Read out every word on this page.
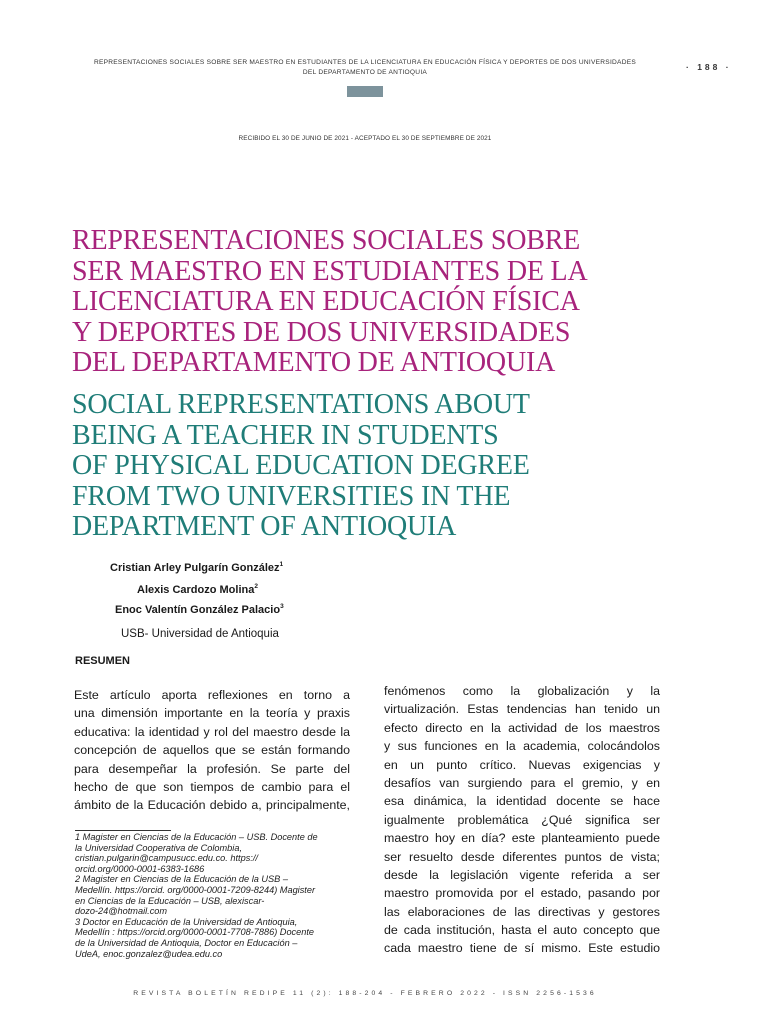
REPRESENTACIONES SOCIALES SOBRE SER MAESTRO EN ESTUDIANTES DE LA LICENCIATURA EN EDUCACIÓN FÍSICA Y DEPORTES DE DOS UNIVERSIDADES
DEL DEPARTAMENTO DE ANTIOQUIA
· 188 ·
RECIBIDO EL 30 DE JUNIO DE 2021 - ACEPTADO EL 30 DE SEPTIEMBRE DE 2021
REPRESENTACIONES SOCIALES SOBRE
SER MAESTRO EN ESTUDIANTES DE LA
LICENCIATURA EN EDUCACIÓN FÍSICA
Y DEPORTES DE DOS UNIVERSIDADES
DEL DEPARTAMENTO DE ANTIOQUIA
SOCIAL REPRESENTATIONS ABOUT
BEING A TEACHER IN STUDENTS
OF PHYSICAL EDUCATION DEGREE
FROM TWO UNIVERSITIES IN THE
DEPARTMENT OF ANTIOQUIA
Cristian Arley Pulgarín González$^1$
Alexis Cardozo Molina$^2$
Enoc Valentín González Palacio$^3$
USB- Universidad de Antioquia
RESUMEN
Este artículo aporta reflexiones en torno a
una dimensión importante en la teoría y praxis
educativa: la identidad y rol del maestro desde la
concepción de aquellos que se están formando
para desempeñar la profesión. Se parte del
hecho de que son tiempos de cambio para el
ámbito de la Educación debido a, principalmente,
fenómenos como la globalización y la
virtualización. Estas tendencias han tenido un
efecto directo en la actividad de los maestros
y sus funciones en la academia, colocándolos
en un punto crítico. Nuevas exigencias y
desafíos van surgiendo para el gremio, y en
esa dinámica, la identidad docente se hace
igualmente problemática ¿Qué significa ser
maestro hoy en día? este planteamiento puede
ser resuelto desde diferentes puntos de vista;
desde la legislación vigente referida a ser
maestro promovida por el estado, pasando por
las elaboraciones de las directivas y gestores
de cada institución, hasta el auto concepto que
cada maestro tiene de sí mismo. Este estudio
1 Magister en Ciencias de la Educación – USB. Docente de
la Universidad Cooperativa de Colombia,
cristian.pulgarin@campusucc.edu.co. https://
orcid.org/0000-0001-6383-1686
2 Magister en Ciencias de la Educación de la USB –
Medellín. https://orcid. org/0000-0001-7209-8244) Magister
en Ciencias de la Educación – USB, alexiscar-
dozo-24@hotmail.com
3 Doctor en Educación de la Universidad de Antioquia,
Medellín : https://orcid.org/0000-0001-7708-7886) Docente
de la Universidad de Antioquia, Doctor en Educación –
UdeA, enoc.gonzalez@udea.edu.co
REVISTA BOLETÍN REDIPE 11 (2): 188-204 - FEBRERO 2022 - ISSN 2256-1536
